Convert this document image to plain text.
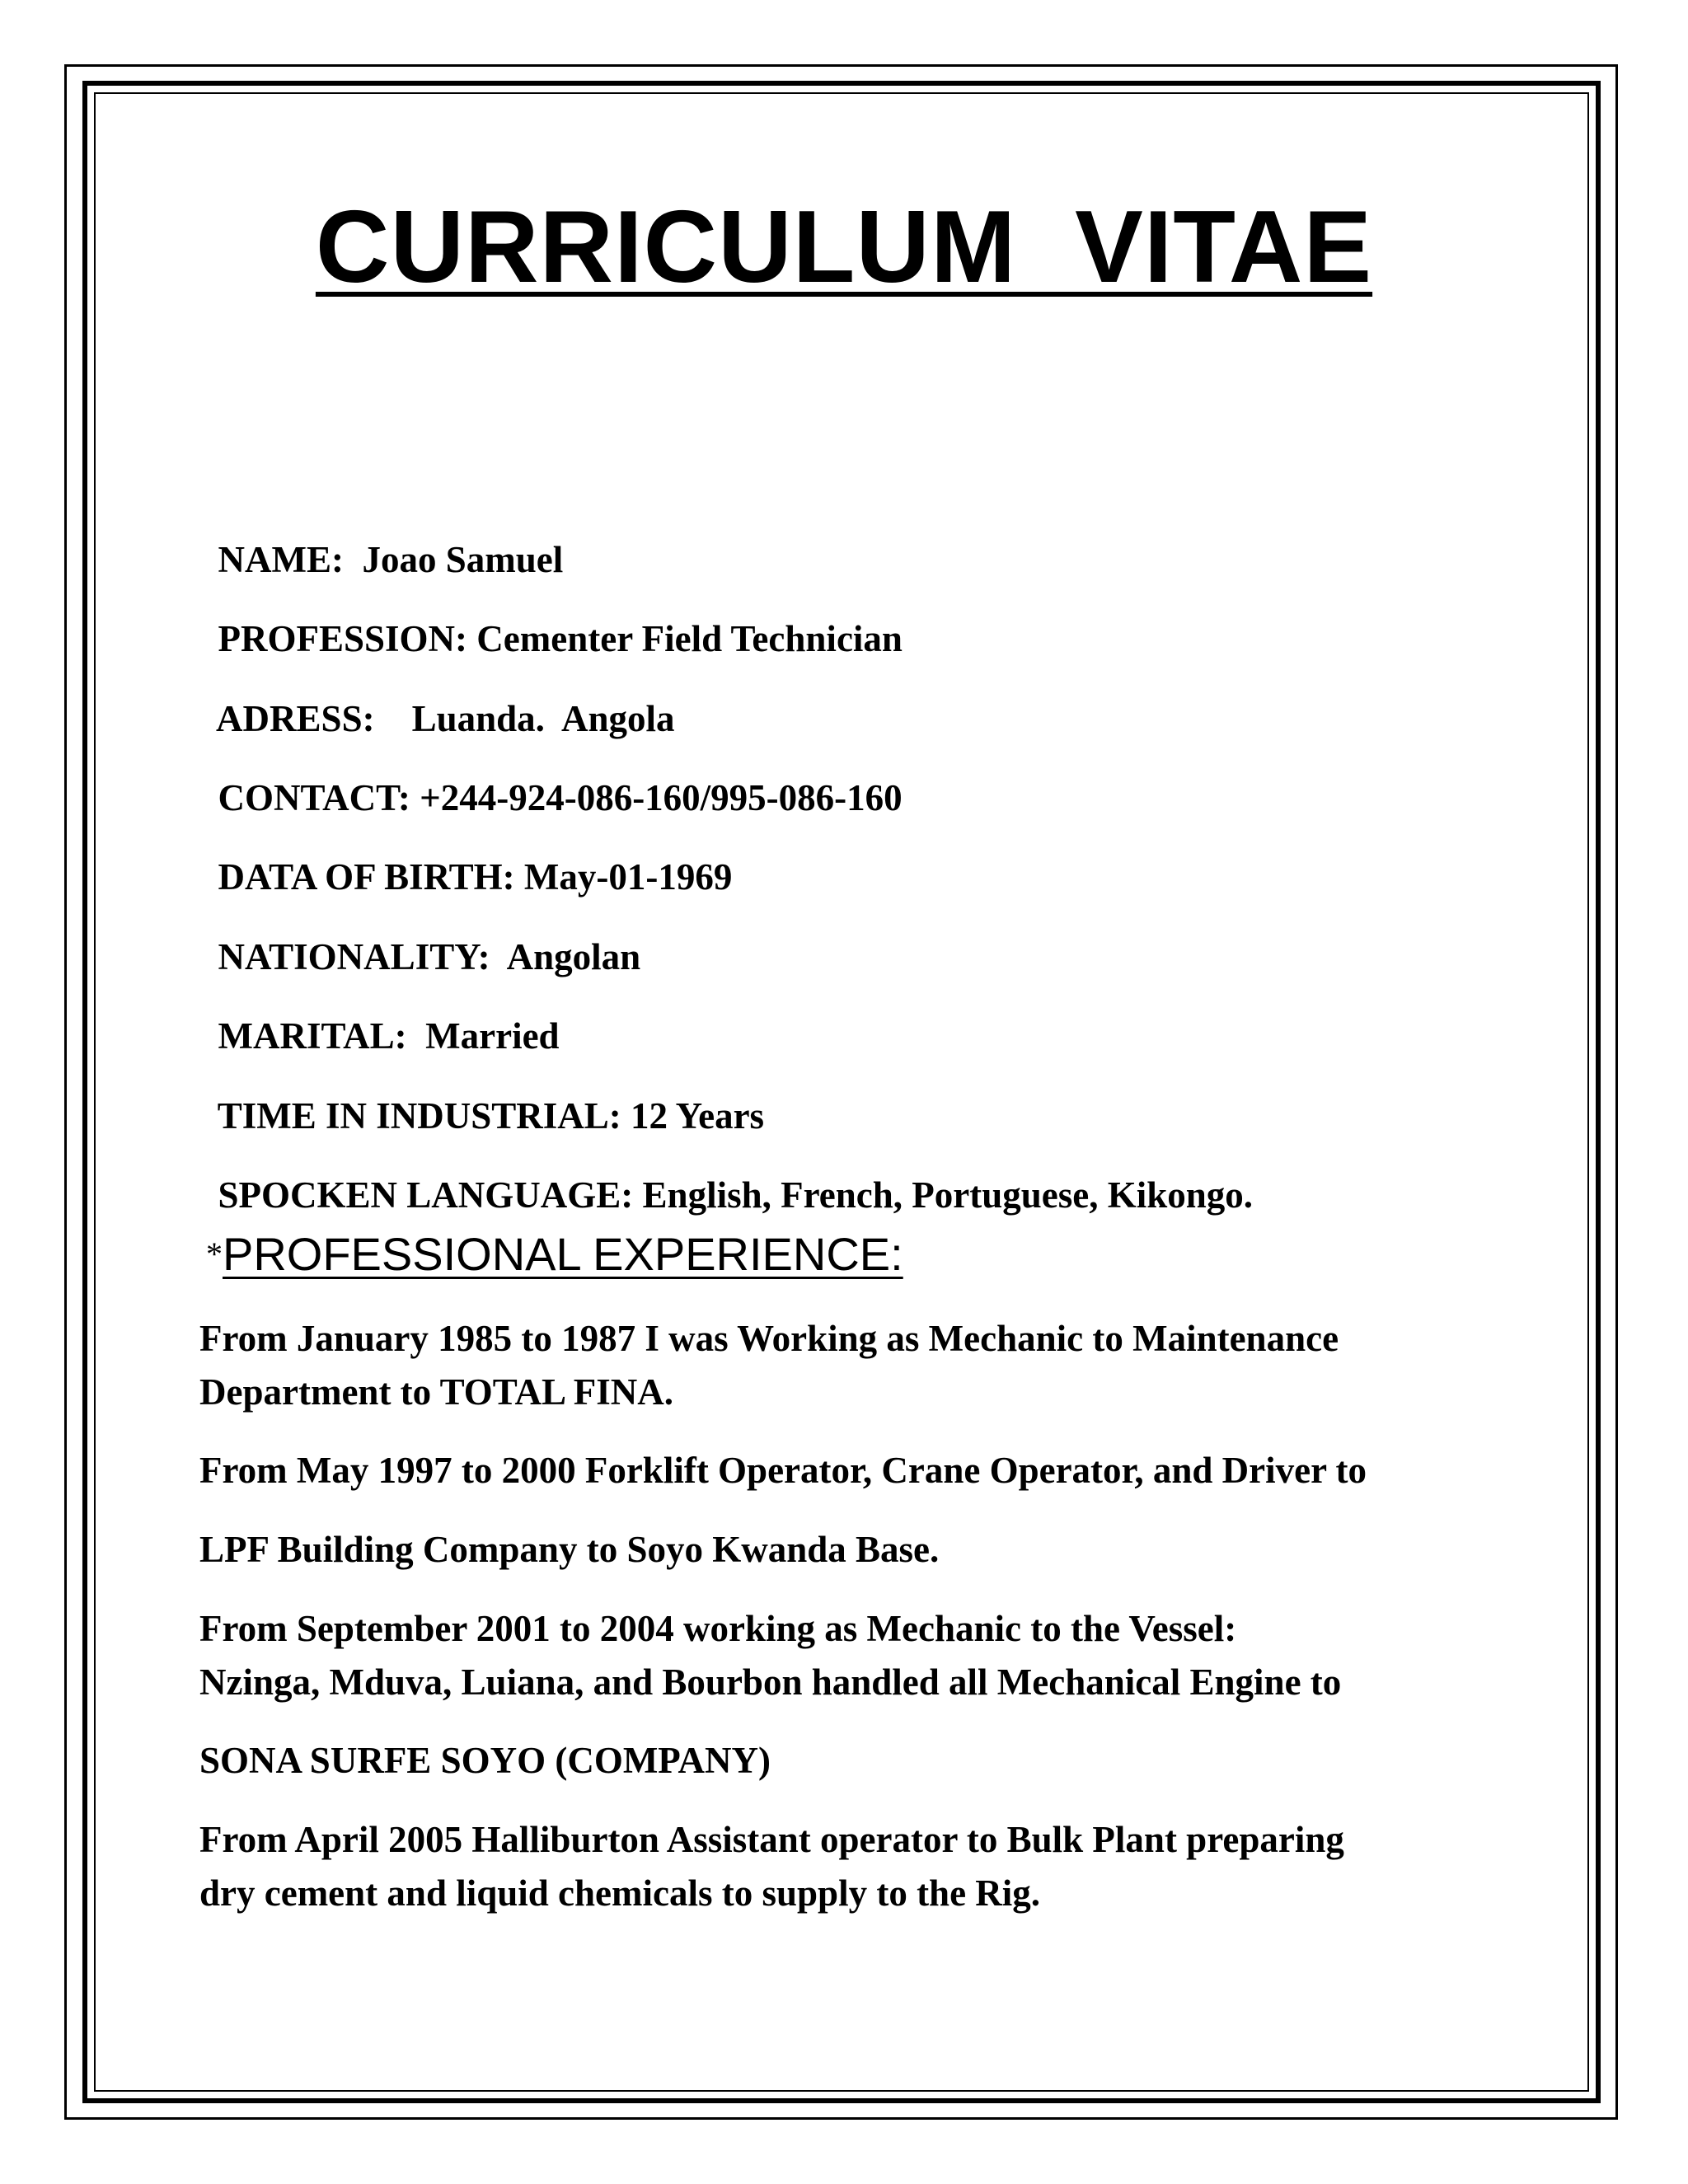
CURRICULUM  VITAE

NAME:  Joao Samuel

PROFESSION: Cementer Field Technician

ADRESS:    Luanda.  Angola

CONTACT: +244-924-086-160/995-086-160

DATA OF BIRTH: May-01-1969

NATIONALITY:  Angolan

MARITAL:  Married

TIME IN INDUSTRIAL: 12 Years

SPOCKEN LANGUAGE: English, French, Portuguese, Kikongo.

*PROFESSIONAL EXPERIENCE:

From January 1985 to 1987 I was Working as Mechanic to Maintenance
Department to TOTAL FINA.
From May 1997 to 2000 Forklift Operator, Crane Operator, and Driver to
LPF Building Company to Soyo Kwanda Base.
From September 2001 to 2004 working as Mechanic to the Vessel:
Nzinga, Mduva, Luiana, and Bourbon handled all Mechanical Engine to
SONA SURFE SOYO (COMPANY)
From April 2005 Halliburton Assistant operator to Bulk Plant preparing
dry cement and liquid chemicals to supply to the Rig.
